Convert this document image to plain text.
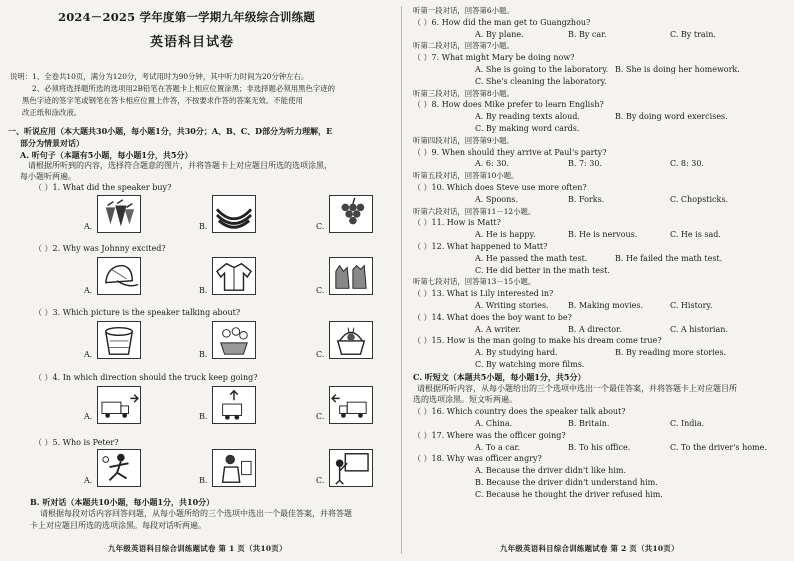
2024－2025 学年度第一学期九年级综合训练题
英语科目试卷
说明：1、全卷共10页，满分为120分，考试用时为90分钟，其中听力时间为20分钟左右。
2、必须将选择题所选的选项用2B铅笔在答题卡上相应位置涂黑；非选择题必须用黑色字迹的
黑色字迹的签字笔或钢笔在答卡相应位置上作答，不按要求作答的答案无效。不能使用
改正纸和涂改液。
一、听说应用（本大题共30小题，每小题1分，共30分；A、B、C、D部分为听力理解，E
部分为情景对话）
A. 听句子（本题有5小题，每小题1分，共5分）
请根据所听到的内容，选择符合题意的图片，并将答题卡上对应题目所选的选项涂黑，
每小题听两遍。
（ ）1. What did the speaker buy?
A.	B.	C.
（ ）2. Why was Johnny excited?
A.	B.	C.
（ ）3. Which picture is the speaker talking about?
A.	B.	C.
（ ）4. In which direction should the truck keep going?
A.	B.	C.
（ ）5. Who is Peter?
A.	B.	C.
B. 听对话（本题共10小题，每小题1分，共10分）
请根据每段对话内容回答问题，从每小题所给的三个选项中选出一个最佳答案，并将答题
卡上对应题目所选的选项涂黑。每段对话听两遍。
九年级英语科目综合训练题试卷 第 1 页（共10页）
听第一段对话，回答第6小题。
（ ）6. How did the man get to Guangzhou?
A. By plane.	B. By car.	C. By train.
听第二段对话，回答第7小题。
（ ）7. What might Mary be doing now?
A. She is going to the laboratory. B. She is doing her homework.
C. She's cleaning the laboratory.
听第三段对话，回答第8小题。
（ ）8. How does Mike prefer to learn English?
A. By reading texts aloud.	B. By doing word exercises.
C. By making word cards.
听第四段对话，回答第9小题。
（ ）9. When should they arrive at Paul's party?
A. 6: 30.	B. 7: 30.	C. 8: 30.
听第五段对话，回答第10小题。
（ ）10. Which does Steve use more often?
A. Spoons.	B. Forks.	C. Chopsticks.
听第六段对话，回答第11－12小题。
（ ）11. How is Matt?
A. He is happy.	B. He is nervous.	C. He is sad.
（ ）12. What happened to Matt?
A. He passed the math test.	B. He failed the math test.
C. He did better in the math test.
听第七段对话，回答第13－15小题。
（ ）13. What is Lily interested in?
A. Writing stories. B. Making movies.	C. History.
（ ）14. What does the boy want to be?
A. A writer.	B. A director.	C. A historian.
（ ）15. How is the man going to make his dream come true?
A. By studying hard.	B. By reading more stories.
C. By watching more films.
C. 听短文（本题共5小题，每小题1分，共5分）
请根据所听内容，从每小题给出的三个选项中选出一个最佳答案，并将答题卡上对应题目所
选的选项涂黑。短文听两遍。
（ ）16. Which country does the speaker talk about?
A. China.	B. Britain.	C. India.
（ ）17. Where was the officer going?
A. To a car.	B. To his office.	C. To the driver's home.
（ ）18. Why was officer angry?
A. Because the driver didn't like him.
B. Because the driver didn't understand him.
C. Because he thought the driver refused him.
九年级英语科目综合训练题试卷 第 2 页（共10页）
